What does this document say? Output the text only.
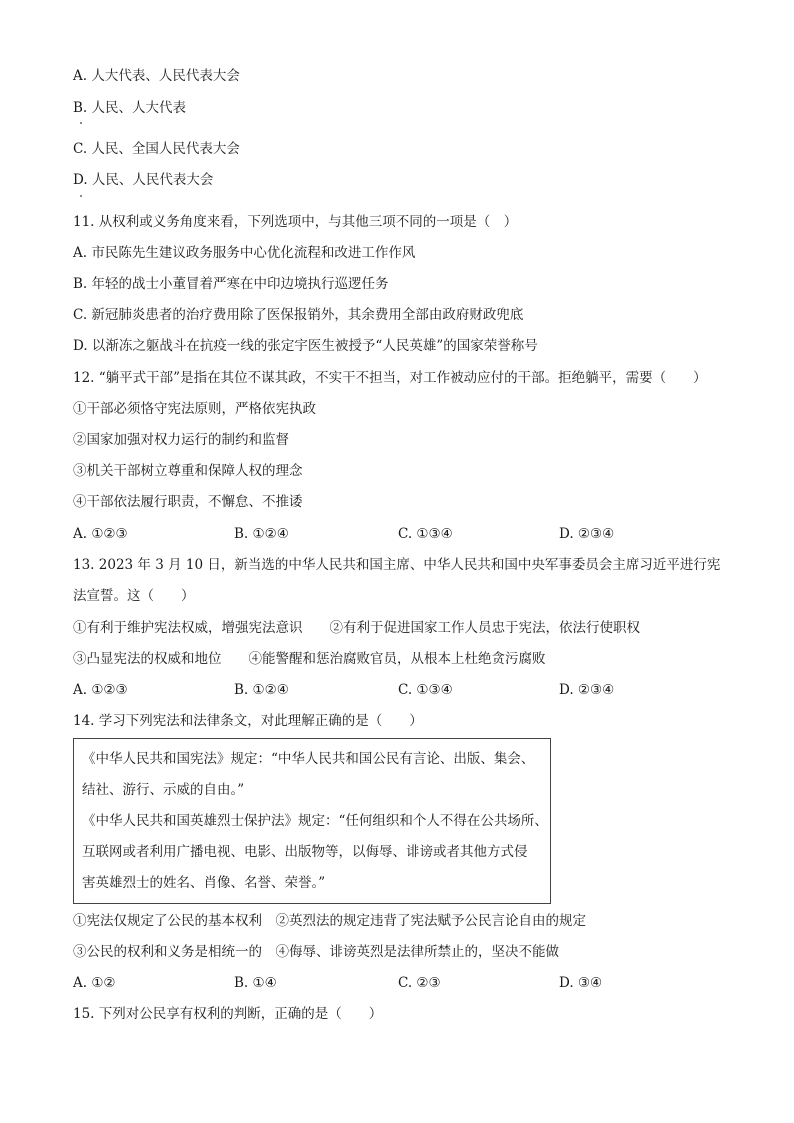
A. 人大代表、人民代表大会
B. 人民、人大代表
C. 人民、全国人民代表大会
D. 人民、人民代表大会
11. 从权利或义务角度来看，下列选项中，与其他三项不同的一项是（　）
A. 市民陈先生建议政务服务中心优化流程和改进工作作风
B. 年轻的战士小董冒着严寒在中印边境执行巡逻任务
C. 新冠肺炎患者的治疗费用除了医保报销外，其余费用全部由政府财政兜底
D. 以渐冻之躯战斗在抗疫一线的张定宇医生被授予“人民英雄”的国家荣誉称号
12. “躺平式干部”是指在其位不谋其政，不实干不担当，对工作被动应付的干部。拒绝躺平，需要（　　）
①干部必须恪守宪法原则，严格依宪执政
②国家加强对权力运行的制约和监督
③机关干部树立尊重和保障人权的理念
④干部依法履行职责，不懈怠、不推诿
A. ①②③	B. ①②④	C. ①③④	D. ②③④
13. 2023 年 3 月 10 日，新当选的中华人民共和国主席、中华人民共和国中央军事委员会主席习近平进行宪
法宣誓。这（　　）
①有利于维护宪法权威，增强宪法意识　　②有利于促进国家工作人员忠于宪法，依法行使职权
③凸显宪法的权威和地位　　④能警醒和惩治腐败官员，从根本上杜绝贪污腐败
A. ①②③	B. ①②④	C. ①③④	D. ②③④
14. 学习下列宪法和法律条文，对此理解正确的是（　　）
《中华人民共和国宪法》规定：“中华人民共和国公民有言论、出版、集会、
结社、游行、示威的自由。”
《中华人民共和国英雄烈士保护法》规定：“任何组织和个人不得在公共场所、
互联网或者利用广播电视、电影、出版物等，以侮辱、诽谤或者其他方式侵
害英雄烈士的姓名、肖像、名誉、荣誉。”
①宪法仅规定了公民的基本权利　②英烈法的规定违背了宪法赋予公民言论自由的规定
③公民的权利和义务是相统一的　④侮辱、诽谤英烈是法律所禁止的，坚决不能做
A. ①②	B. ①④	C. ②③	D. ③④
15. 下列对公民享有权利的判断，正确的是（　　）
